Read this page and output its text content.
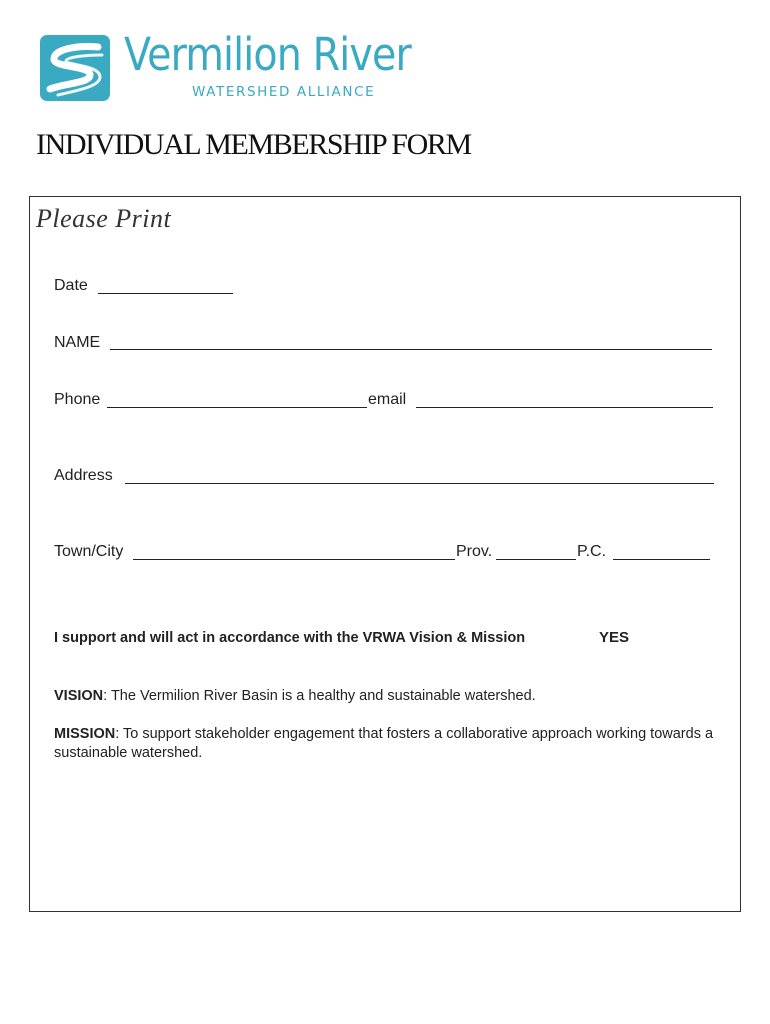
Vermilion River
WATERSHED ALLIANCE
INDIVIDUAL MEMBERSHIP FORM
Please Print
Date
NAME
Phone	email
Address
Town/City	Prov.	P.C.
I support and will act in accordance with the VRWA Vision & Mission	YES
VISION: The Vermilion River Basin is a healthy and sustainable watershed.
MISSION: To support stakeholder engagement that fosters a collaborative approach working towards a sustainable watershed.
